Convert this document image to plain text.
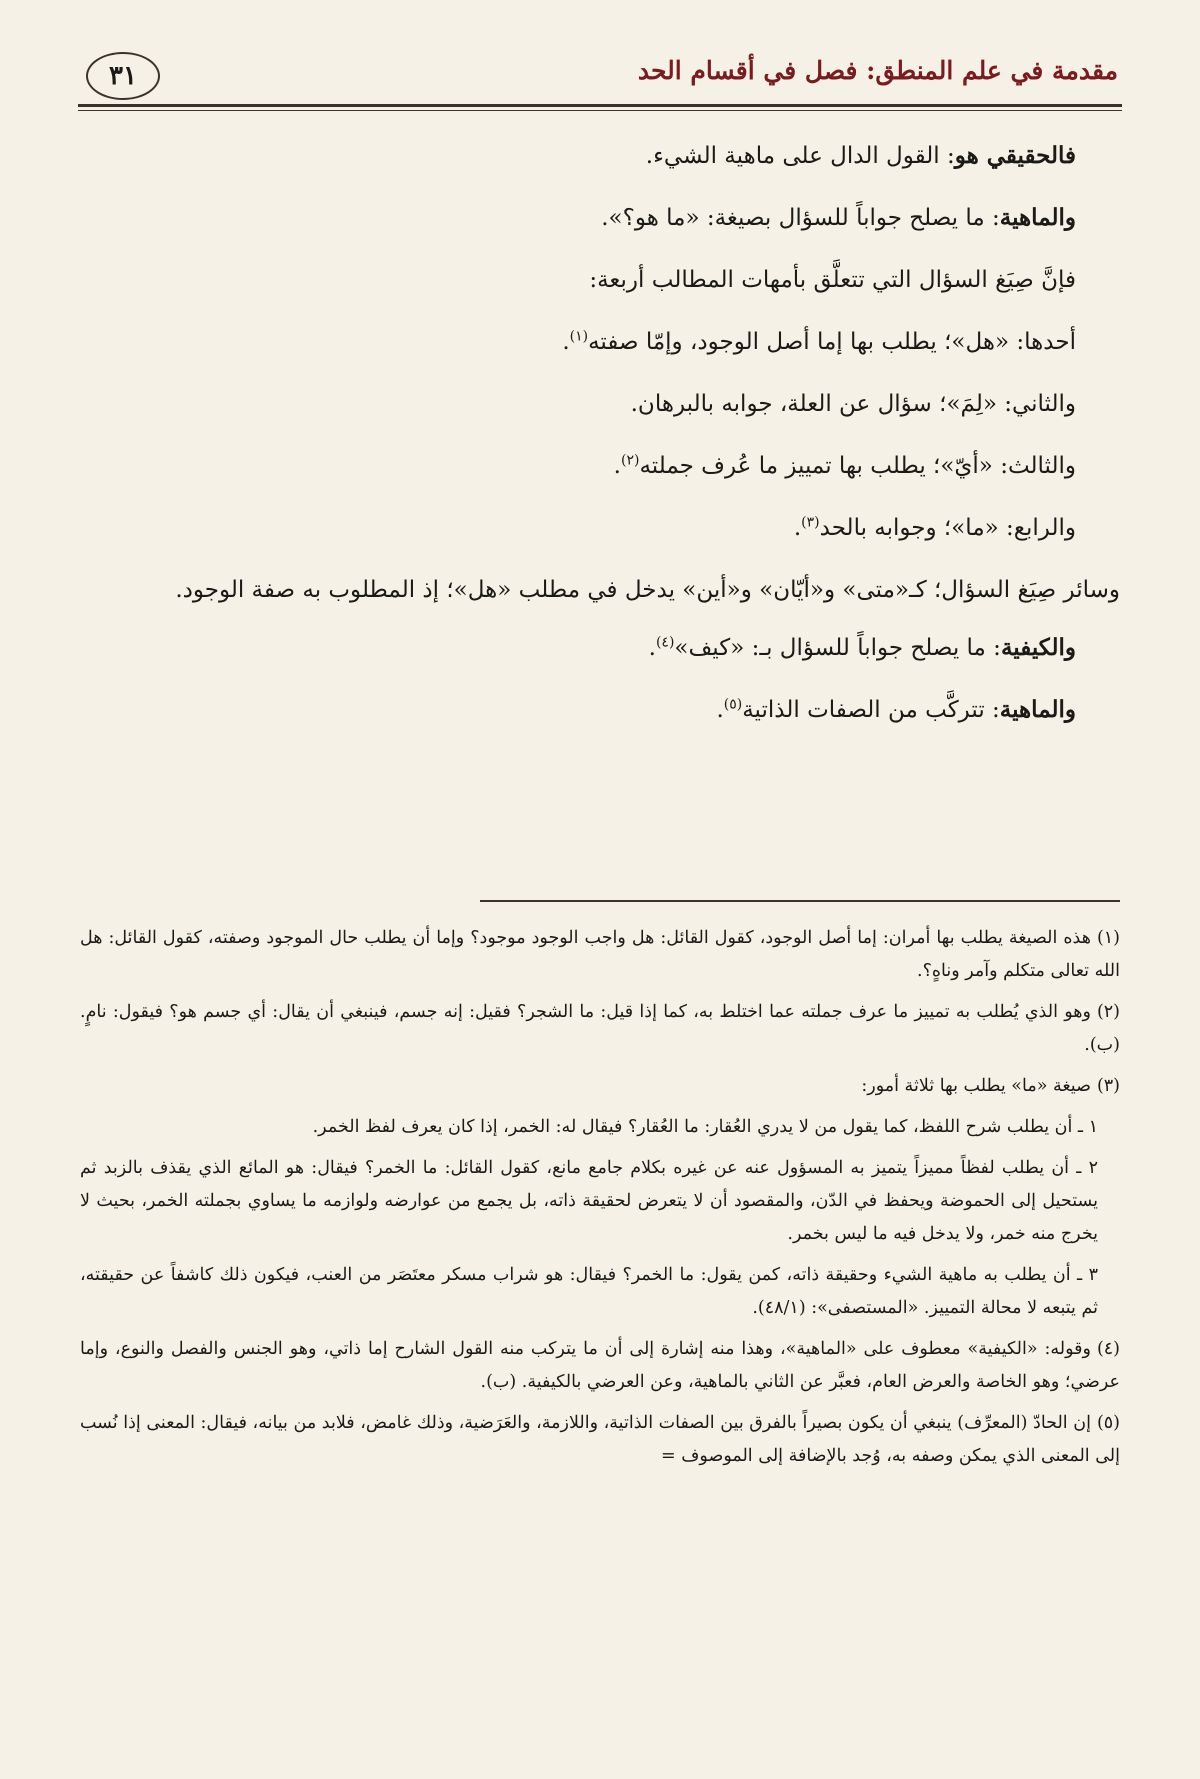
مقدمة في علم المنطق: فصل في أقسام الحد
٣١

فالحقيقي هو: القول الدال على ماهية الشيء.

والماهية: ما يصلح جواباً للسؤال بصيغة: «ما هو؟».

فإنَّ صِيَغ السؤال التي تتعلَّق بأمهات المطالب أربعة:

أحدها: «هل»؛ يطلب بها إما أصل الوجود، وإمّا صفته$^{(١)}$.

والثاني: «لِمَ»؛ سؤال عن العلة، جوابه بالبرهان.

والثالث: «أيّ»؛ يطلب بها تمييز ما عُرف جملته$^{(٢)}$.

والرابع: «ما»؛ وجوابه بالحد$^{(٣)}$.

وسائر صِيَغ السؤال؛ كـ«متى» و«أيّان» و«أين» يدخل في مطلب «هل»؛ إذ المطلوب به صفة الوجود.

والكيفية: ما يصلح جواباً للسؤال بـ: «كيف»$^{(٤)}$.

والماهية: تتركَّب من الصفات الذاتية$^{(٥)}$.

(١)هذه الصيغة يطلب بها أمران: إما أصل الوجود، كقول القائل: هل واجب الوجود موجود؟ وإما أن يطلب حال الموجود وصفته، كقول القائل: هل الله تعالى متكلم وآمر وناهٍ؟.

(٢)وهو الذي يُطلب به تمييز ما عرف جملته عما اختلط به، كما إذا قيل: ما الشجر؟ فقيل: إنه جسم، فينبغي أن يقال: أي جسم هو؟ فيقول: نامٍ. (ب).

(٣)صيغة «ما» يطلب بها ثلاثة أمور:

١ ـ أن يطلب شرح اللفظ، كما يقول من لا يدري العُقار: ما العُقار؟ فيقال له: الخمر، إذا كان يعرف لفظ الخمر.

٢ ـ أن يطلب لفظاً مميزاً يتميز به المسؤول عنه عن غيره بكلام جامع مانع، كقول القائل: ما الخمر؟ فيقال: هو المائع الذي يقذف بالزبد ثم يستحيل إلى الحموضة ويحفظ في الدّن، والمقصود أن لا يتعرض لحقيقة ذاته، بل يجمع من عوارضه ولوازمه ما يساوي بجملته الخمر، بحيث لا يخرج منه خمر، ولا يدخل فيه ما ليس بخمر.

٣ ـ أن يطلب به ماهية الشيء وحقيقة ذاته، كمن يقول: ما الخمر؟ فيقال: هو شراب مسكر معتَصَر من العنب، فيكون ذلك كاشفاً عن حقيقته، ثم يتبعه لا محالة التمييز. «المستصفى»: (٤٨/١).

(٤)وقوله: «الكيفية» معطوف على «الماهية»، وهذا منه إشارة إلى أن ما يتركب منه القول الشارح إما ذاتي، وهو الجنس والفصل والنوع، وإما عرضي؛ وهو الخاصة والعرض العام، فعبَّر عن الثاني بالماهية، وعن العرضي بالكيفية. (ب).

(٥)إن الحادّ (المعرِّف) ينبغي أن يكون بصيراً بالفرق بين الصفات الذاتية، واللازمة، والعَرَضية، وذلك غامض، فلابد من بيانه، فيقال: المعنى إذا نُسب إلى المعنى الذي يمكن وصفه به، وُجد بالإضافة إلى الموصوف =
